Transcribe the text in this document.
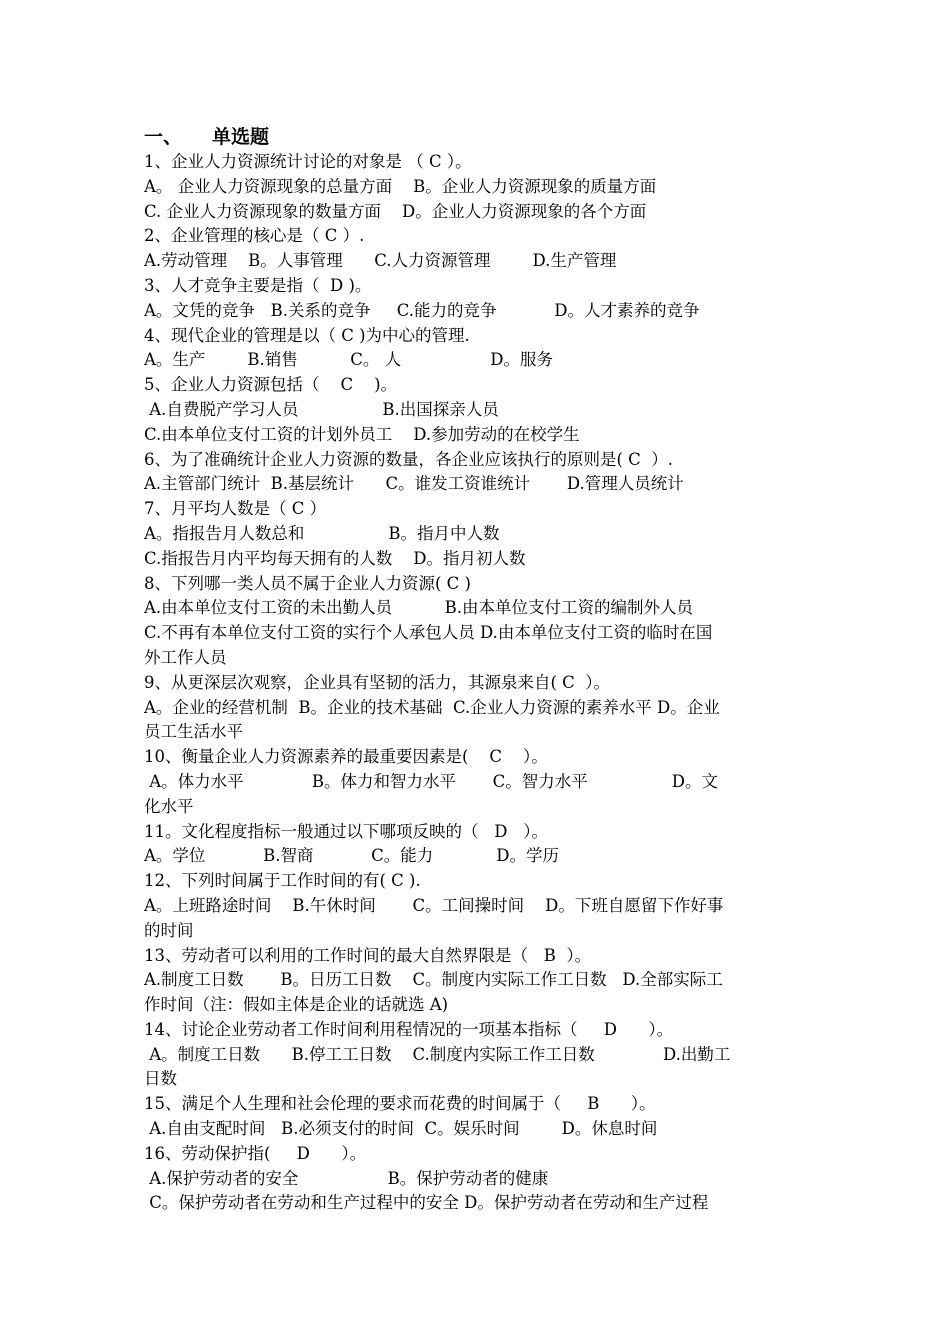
一、 单选题
1、企业人力资源统计讨论的对象是 （ C ）。
A。 企业人力资源现象的总量方面    B。企业人力资源现象的质量方面
C. 企业人力资源现象的数量方面    D。企业人力资源现象的各个方面
2、企业管理的核心是（ C ）.
A.劳动管理    B。人事管理      C.人力资源管理        D.生产管理
3、人才竞争主要是指（  D )。
A。文凭的竞争   B.关系的竞争     C.能力的竞争           D。人才素养的竞争
4、现代企业的管理是以（ C )为中心的管理.
A。生产        B.销售          C。 人                 D。服务
5、企业人力资源包括（    C    )。
A.自费脱产学习人员                B.出国探亲人员
C.由本单位支付工资的计划外员工    D.参加劳动的在校学生
6、为了准确统计企业人力资源的数量，各企业应该执行的原则是( C  ）.
A.主管部门统计  B.基层统计      C。谁发工资谁统计       D.管理人员统计
7、月平均人数是（ C ）
A。指报告月人数总和                B。指月中人数
C.指报告月内平均每天拥有的人数    D。指月初人数
8、下列哪一类人员不属于企业人力资源( C )
A.由本单位支付工资的未出勤人员          B.由本单位支付工资的编制外人员
C.不再有本单位支付工资的实行个人承包人员 D.由本单位支付工资的临时在国
外工作人员
9、从更深层次观察，企业具有坚韧的活力，其源泉来自( C  ）。
A。企业的经营机制  B。企业的技术基础  C.企业人力资源的素养水平 D。企业
员工生活水平
10、衡量企业人力资源素养的最重要因素是(    C    ）。
A。体力水平             B。体力和智力水平       C。智力水平                D。文
化水平
11。文化程度指标一般通过以下哪项反映的（   D   ）。
A。学位           B.智商           C。能力            D。学历
12、下列时间属于工作时间的有( C ).
A。上班路途时间    B.午休时间       C。工间操时间    D。下班自愿留下作好事
的时间
13、劳动者可以利用的工作时间的最大自然界限是（   B  ）。
A.制度工日数       B。日历工日数    C。制度内实际工作工日数   D.全部实际工
作时间（注：假如主体是企业的话就选 A)
14、讨论企业劳动者工作时间利用程情况的一项基本指标（     D      ）。
A。制度工日数      B.停工工日数    C.制度内实际工作工日数             D.出勤工
日数
15、满足个人生理和社会伦理的要求而花费的时间属于（     B      ）。
A.自由支配时间   B.必须支付的时间  C。娱乐时间        D。休息时间
16、劳动保护指(     D      ）。
A.保护劳动者的安全                 B。保护劳动者的健康
C。保护劳动者在劳动和生产过程中的安全 D。保护劳动者在劳动和生产过程
